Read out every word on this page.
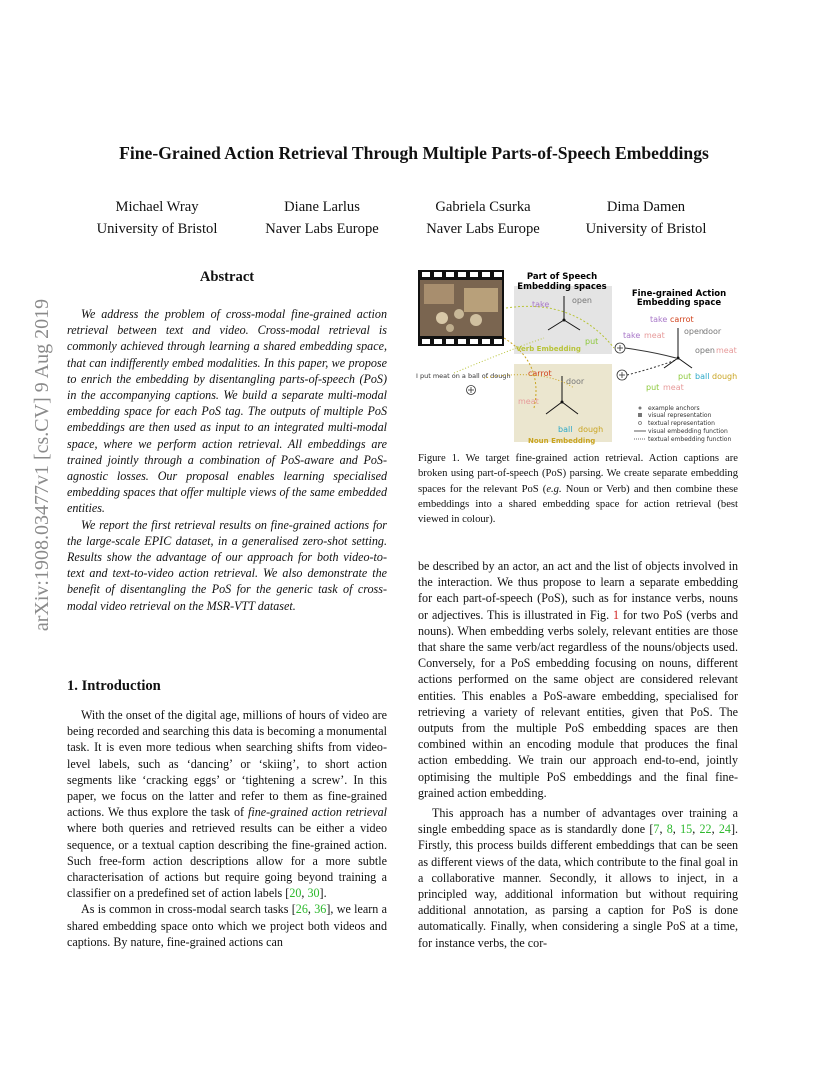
arXiv:1908.03477v1 [cs.CV] 9 Aug 2019
Fine-Grained Action Retrieval Through Multiple Parts-of-Speech Embeddings
Michael Wray
University of Bristol
Diane Larlus
Naver Labs Europe
Gabriela Csurka
Naver Labs Europe
Dima Damen
University of Bristol
Abstract

We address the problem of cross-modal fine-grained action retrieval between text and video. Cross-modal retrieval is commonly achieved through learning a shared embedding space, that can indifferently embed modalities. In this paper, we propose to enrich the embedding by disentangling parts-of-speech (PoS) in the accompanying captions. We build a separate multi-modal embedding space for each PoS tag. The outputs of multiple PoS embeddings are then used as input to an integrated multi-modal space, where we perform action retrieval. All embeddings are trained jointly through a combination of PoS-aware and PoS-agnostic losses. Our proposal enables learning specialised embedding spaces that offer multiple views of the same embedded entities.

We report the first retrieval results on fine-grained actions for the large-scale EPIC dataset, in a generalised zero-shot setting. Results show the advantage of our approach for both video-to-text and text-to-video action retrieval. We also demonstrate the benefit of disentangling the PoS for the generic task of cross-modal video retrieval on the MSR-VTT dataset.

1. Introduction

With the onset of the digital age, millions of hours of video are being recorded and searching this data is becoming a monumental task. It is even more tedious when searching shifts from video-level labels, such as ‘dancing’ or ‘skiing’, to short action segments like ‘cracking eggs’ or ‘tightening a screw’. In this paper, we focus on the latter and refer to them as fine-grained actions. We thus explore the task of fine-grained action retrieval where both queries and retrieved results can be either a video sequence, or a textual caption describing the fine-grained action. Such free-form action descriptions allow for a more subtle characterisation of actions but require going beyond training a classifier on a predefined set of action labels [20, 30].

As is common in cross-modal search tasks [26, 36], we learn a shared embedding space onto which we project both videos and captions. By nature, fine-grained actions can

Part of Speech
Embedding spaces
Fine-grained Action
Embedding space
take	open
put
Verb Embedding
carrot
door
meat
ball dough
Noun Embedding
I put meat on a ball of dough
take carrot
take meat open door
open meat
put ball dough
put meat
example anchors
visual representation
textual representation
visual embedding function
textual embedding function
Figure 1. We target fine-grained action retrieval. Action captions are broken using part-of-speech (PoS) parsing. We create separate embedding spaces for the relevant PoS (e.g. Noun or Verb) and then combine these embeddings into a shared embedding space for action retrieval (best viewed in colour).

be described by an actor, an act and the list of objects involved in the interaction. We thus propose to learn a separate embedding for each part-of-speech (PoS), such as for instance verbs, nouns or adjectives. This is illustrated in Fig. 1 for two PoS (verbs and nouns). When embedding verbs solely, relevant entities are those that share the same verb/act regardless of the nouns/objects used. Conversely, for a PoS embedding focusing on nouns, different actions performed on the same object are considered relevant entities. This enables a PoS-aware embedding, specialised for retrieving a variety of relevant entities, given that PoS. The outputs from the multiple PoS embedding spaces are then combined within an encoding module that produces the final action embedding. We train our approach end-to-end, jointly optimising the multiple PoS embeddings and the final fine-grained action embedding.

This approach has a number of advantages over training a single embedding space as is standardly done [7, 8, 15, 22, 24]. Firstly, this process builds different embeddings that can be seen as different views of the data, which contribute to the final goal in a collaborative manner. Secondly, it allows to inject, in a principled way, additional information but without requiring additional annotation, as parsing a caption for PoS is done automatically. Finally, when considering a single PoS at a time, for instance verbs, the cor-
